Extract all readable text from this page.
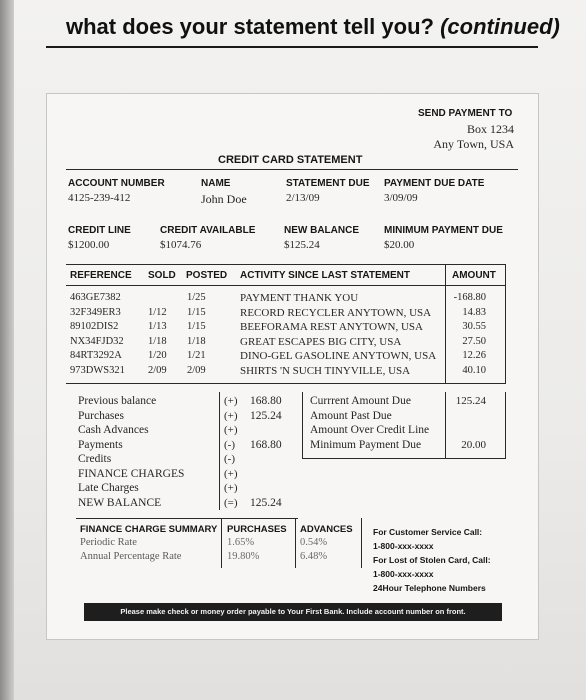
what does your statement tell you? (continued)
SEND PAYMENT TO
Box 1234
Any Town, USA
CREDIT CARD STATEMENT
ACCOUNT NUMBER
4125-239-412
NAME
John Doe
STATEMENT DUE
2/13/09
PAYMENT DUE DATE
3/09/09
CREDIT LINE
$1200.00
CREDIT AVAILABLE
$1074.76
NEW BALANCE
$125.24
MINIMUM PAYMENT DUE
$20.00
REFERENCE SOLD POSTED ACTIVITY SINCE LAST STATEMENT	AMOUNT
463GE7382
32F349ER3
89102DIS2
NX34FJD32
84RT3292A
973DWS321
1/12
1/13
1/18
1/20
2/09
1/25
1/15
1/15
1/18
1/21
2/09
PAYMENT THANK YOU
RECORD RECYCLER ANYTOWN, USA
BEEFORAMA REST ANYTOWN, USA
GREAT ESCAPES BIG CITY, USA
DINO-GEL GASOLINE ANYTOWN, USA
SHIRTS 'N SUCH TINYVILLE, USA
-168.80
14.83
30.55
27.50
12.26
40.10
Previous balance
Purchases
Cash Advances
Payments
Credits
FINANCE CHARGES
Late Charges
NEW BALANCE
(+)
(+)
(+)
(-)
(-)
(+)
(+)
(=)
168.80
125.24
168.80
125.24
Currrent Amount Due
Amount Past Due
Amount Over Credit Line
Minimum Payment Due
125.24
20.00
FINANCE CHARGE SUMMARY
Periodic Rate
Annual Percentage Rate
PURCHASES
1.65%
19.80%
ADVANCES
0.54%
6.48%
For Customer Service Call:
1-800-xxx-xxxx
For Lost of Stolen Card, Call:
1-800-xxx-xxxx
24Hour Telephone Numbers
Please make check or money order payable to Your First Bank. Include account number on front.
